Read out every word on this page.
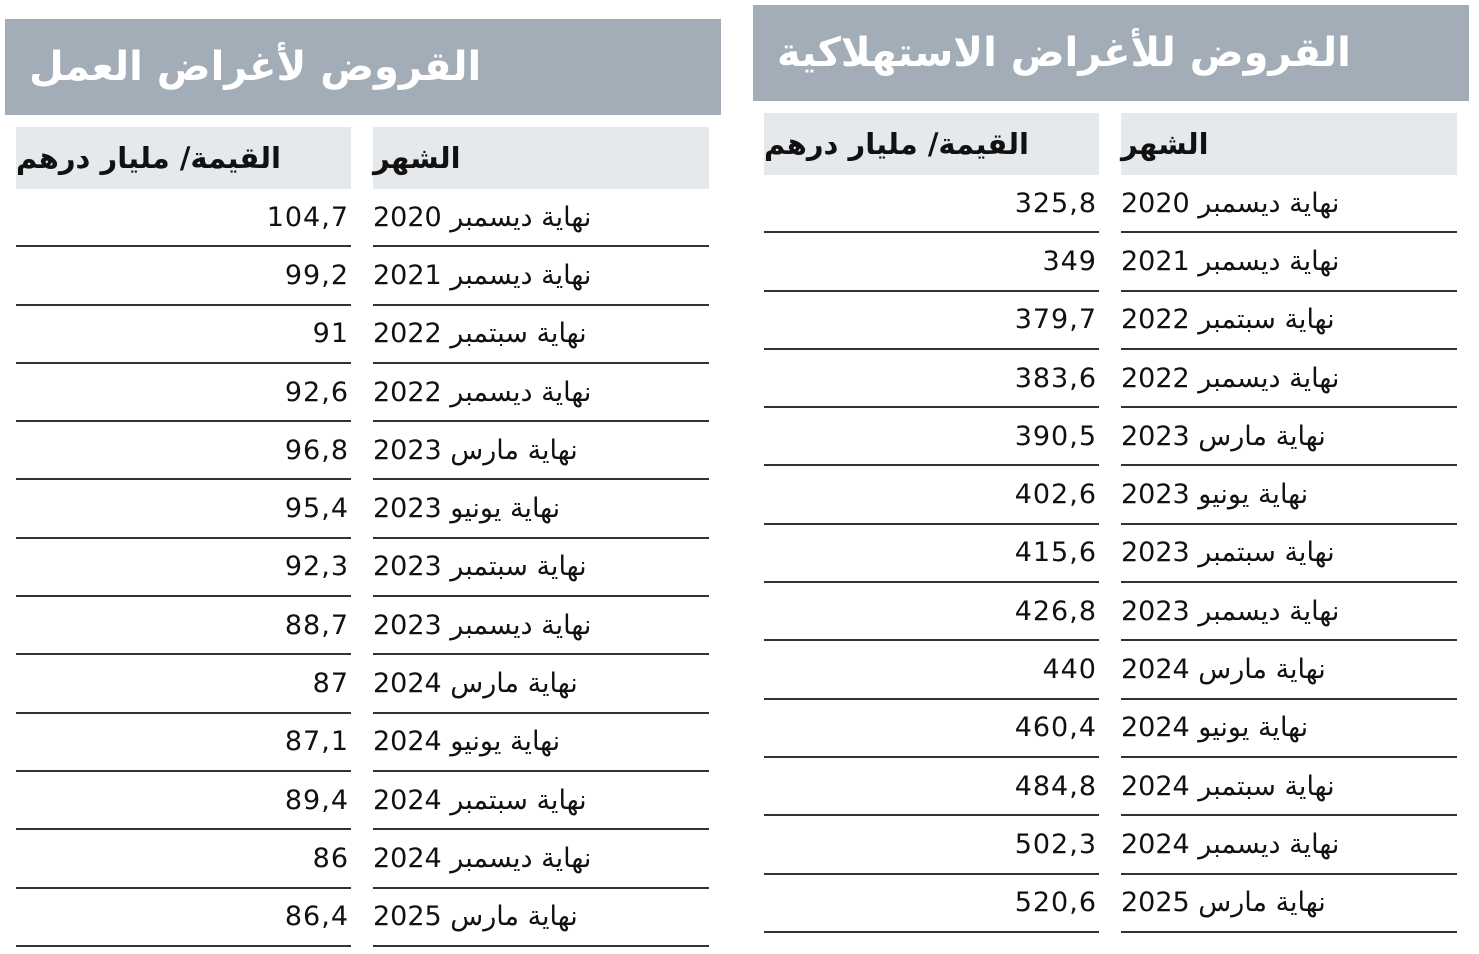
القروض للأغراض الاستهلاكية
الشهر
نهاية ديسمبر 2020
نهاية ديسمبر 2021
نهاية سبتمبر 2022
نهاية ديسمبر 2022
نهاية مارس 2023
نهاية يونيو 2023
نهاية سبتمبر 2023
نهاية ديسمبر 2023
نهاية مارس 2024
نهاية يونيو 2024
نهاية سبتمبر 2024
نهاية ديسمبر 2024
نهاية مارس 2025
القيمة/ مليار درهم
325,8
349
379,7
383,6
390,5
402,6
415,6
426,8
440
460,4
484,8
502,3
520,6
القروض لأغراض العمل
الشهر
نهاية ديسمبر 2020
نهاية ديسمبر 2021
نهاية سبتمبر 2022
نهاية ديسمبر 2022
نهاية مارس 2023
نهاية يونيو 2023
نهاية سبتمبر 2023
نهاية ديسمبر 2023
نهاية مارس 2024
نهاية يونيو 2024
نهاية سبتمبر 2024
نهاية ديسمبر 2024
نهاية مارس 2025
القيمة/ مليار درهم
104,7
99,2
91
92,6
96,8
95,4
92,3
88,7
87
87,1
89,4
86
86,4
